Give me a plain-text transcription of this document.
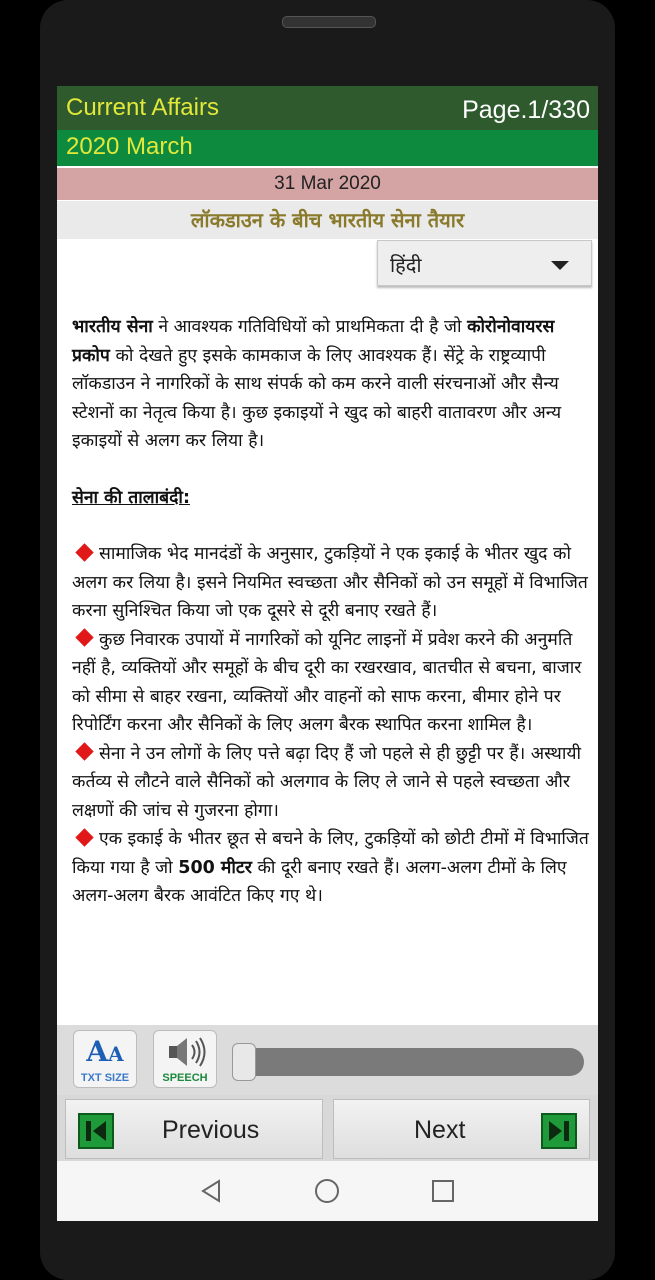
Current Affairs	Page.1/330
2020 March
31 Mar 2020
लॉकडाउन के बीच भारतीय सेना तैयार
हिंदी

भारतीय सेना ने आवश्यक गतिविधियों को प्राथमिकता दी है जो कोरोनोवायरस प्रकोप को देखते हुए इसके कामकाज के लिए आवश्यक हैं। सेंट्रे के राष्ट्रव्यापी लॉकडाउन ने नागरिकों के साथ संपर्क को कम करने वाली संरचनाओं और सैन्य स्टेशनों का नेतृत्व किया है। कुछ इकाइयों ने खुद को बाहरी वातावरण और अन्य इकाइयों से अलग कर लिया है।

सेना की तालाबंदी:

सामाजिक भेद मानदंडों के अनुसार, टुकड़ियों ने एक इकाई के भीतर खुद को अलग कर लिया है। इसने नियमित स्वच्छता और सैनिकों को उन समूहों में विभाजित करना सुनिश्चित किया जो एक दूसरे से दूरी बनाए रखते हैं।

कुछ निवारक उपायों में नागरिकों को यूनिट लाइनों में प्रवेश करने की अनुमति नहीं है, व्यक्तियों और समूहों के बीच दूरी का रखरखाव, बातचीत से बचना, बाजार को सीमा से बाहर रखना, व्यक्तियों और वाहनों को साफ करना, बीमार होने पर रिपोर्टिंग करना और सैनिकों के लिए अलग बैरक स्थापित करना शामिल है।

सेना ने उन लोगों के लिए पत्ते बढ़ा दिए हैं जो पहले से ही छुट्टी पर हैं। अस्थायी कर्तव्य से लौटने वाले सैनिकों को अलगाव के लिए ले जाने से पहले स्वच्छता और लक्षणों की जांच से गुजरना होगा।

एक इकाई के भीतर छूत से बचने के लिए, टुकड़ियों को छोटी टीमों में विभाजित किया गया है जो 500 मीटर की दूरी बनाए रखते हैं। अलग-अलग टीमों के लिए अलग-अलग बैरक आवंटित किए गए थे।

AA
TXT SIZE	SPEECH
Previous	Next
